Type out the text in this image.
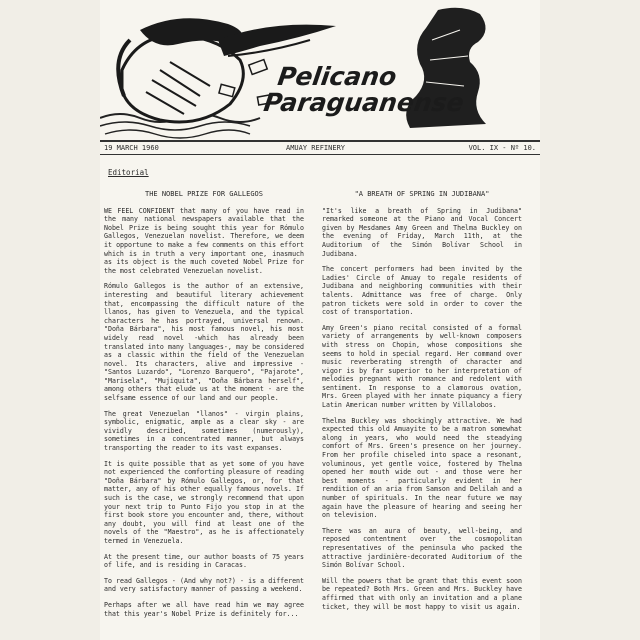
Pelicano
Paraguanense
19 MARCH 1960	AMUAY REFINERY	VOL. IX - Nº 10.
Editorial
THE NOBEL PRIZE FOR GALLEGOS

WE FEEL CONFIDENT that many of you have read in the many national newspapers available that the Nobel Prize is being sought this year for Rómulo Gallegos, Venezuelan novelist. Therefore, we deem it opportune to make a few comments on this effort which is in truth a very important one, inasmuch as its object is the much coveted Nobel Prize for the most celebrated Venezuelan novelist.

Rómulo Gallegos is the author of an extensive, interesting and beautiful literary achievement that, encompassing the difficult nature of the llanos, has given to Venezuela, and the typical characters he has portrayed, universal renown. "Doña Bárbara", his most famous novel, his most widely read novel -which has already been translated into many languages-, may be considered as a classic within the field of the Venezuelan novel. Its characters, alive and impressive -"Santos Luzardo", "Lorenzo Barquero", "Pajarote", "Marisela", "Mujiquita", "Doña Bárbara herself", among others that elude us at the moment - are the selfsame essence of our land and our people.

The great Venezuelan "llanos" - virgin plains, symbolic, enigmatic, ample as a clear sky - are vividly described, sometimes (numerously), sometimes in a concentrated manner, but always transporting the reader to its vast expanses.

It is quite possible that as yet some of you have not experienced the comforting pleasure of reading "Doña Bárbara" by Rómulo Gallegos, or, for that matter, any of his other equally famous novels. If such is the case, we strongly recommend that upon your next trip to Punto Fijo you stop in at the first book store you encounter and, there, without any doubt, you will find at least one of the novels of the "Maestro", as he is affectionately termed in Venezuela.

At the present time, our author boasts of 75 years of life, and is residing in Caracas.

To read Gallegos - (And why not?) - is a different and very satisfactory manner of passing a weekend.

Perhaps after we all have read him we may agree that this year's Nobel Prize is definitely for...

"A BREATH OF SPRING IN JUDIBANA"

"It's like a breath of Spring in Judibana" remarked someone at the Piano and Vocal Concert given by Mesdames Amy Green and Thelma Buckley on the evening of Friday, March 11th, at the Auditorium of the Simón Bolívar School in Judibana.

The concert performers had been invited by the Ladies' Circle of Amuay to regale residents of Judibana and neighboring communities with their talents. Admittance was free of charge. Only patron tickets were sold in order to cover the cost of transportation.

Amy Green's piano recital consisted of a formal variety of arrangements by well-known composers with stress on Chopin, whose compositions she seems to hold in special regard. Her command over music reverberating strength of character and vigor is by far superior to her interpretation of melodies pregnant with romance and redolent with sentiment. In response to a clamorous ovation, Mrs. Green played with her innate piquancy a fiery Latin American number written by Villalobos.

Thelma Buckley was shockingly attractive. We had expected this old Amuayite to be a matron somewhat along in years, who would need the steadying comfort of Mrs. Green's presence on her journey. From her profile chiseled into space a resonant, voluminous, yet gentle voice, fostered by Thelma opened her mouth wide out - and those were her best moments - particularly evident in her rendition of an aria from Samson and Delilah and a number of spirituals. In the near future we may again have the pleasure of hearing and seeing her on television.

There was an aura of beauty, well-being, and reposed contentment over the cosmopolitan representatives of the peninsula who packed the attractive jardinière-decorated Auditorium of the Simón Bolívar School.

Will the powers that be grant that this event soon be repeated? Both Mrs. Green and Mrs. Buckley have affirmed that with only an invitation and a plane ticket, they will be most happy to visit us again.
